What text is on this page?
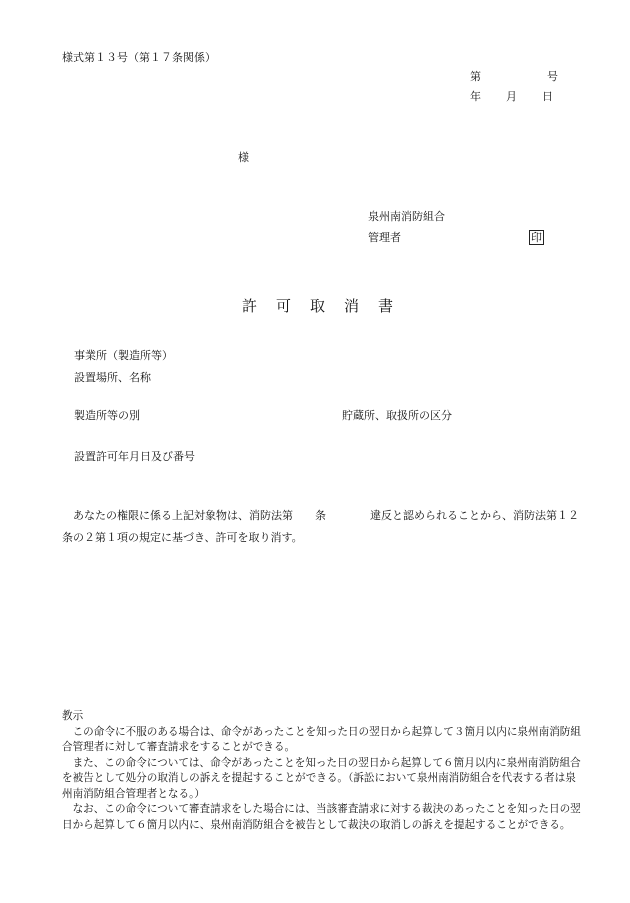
様式第１３号（第１７条関係）
第　　　　　　号
年　　月　　日
様
泉州南消防組合
管理者	印
許　可　取　消　書
事業所（製造所等）
設置場所、名称
製造所等の別	貯蔵所、取扱所の区分
設置許可年月日及び番号
あなたの権限に係る上記対象物は、消防法第　　条　　　　違反と認められることから、消防法第１２条の２第１項の規定に基づき、許可を取り消す。

教示

この命令に不服のある場合は、命令があったことを知った日の翌日から起算して３箇月以内に泉州南消防組合管理者に対して審査請求をすることができる。

また、この命令については、命令があったことを知った日の翌日から起算して６箇月以内に泉州南消防組合を被告として処分の取消しの訴えを提起することができる。（訴訟において泉州南消防組合を代表する者は泉州南消防組合管理者となる。）

なお、この命令について審査請求をした場合には、当該審査請求に対する裁決のあったことを知った日の翌日から起算して６箇月以内に、泉州南消防組合を被告として裁決の取消しの訴えを提起することができる。
